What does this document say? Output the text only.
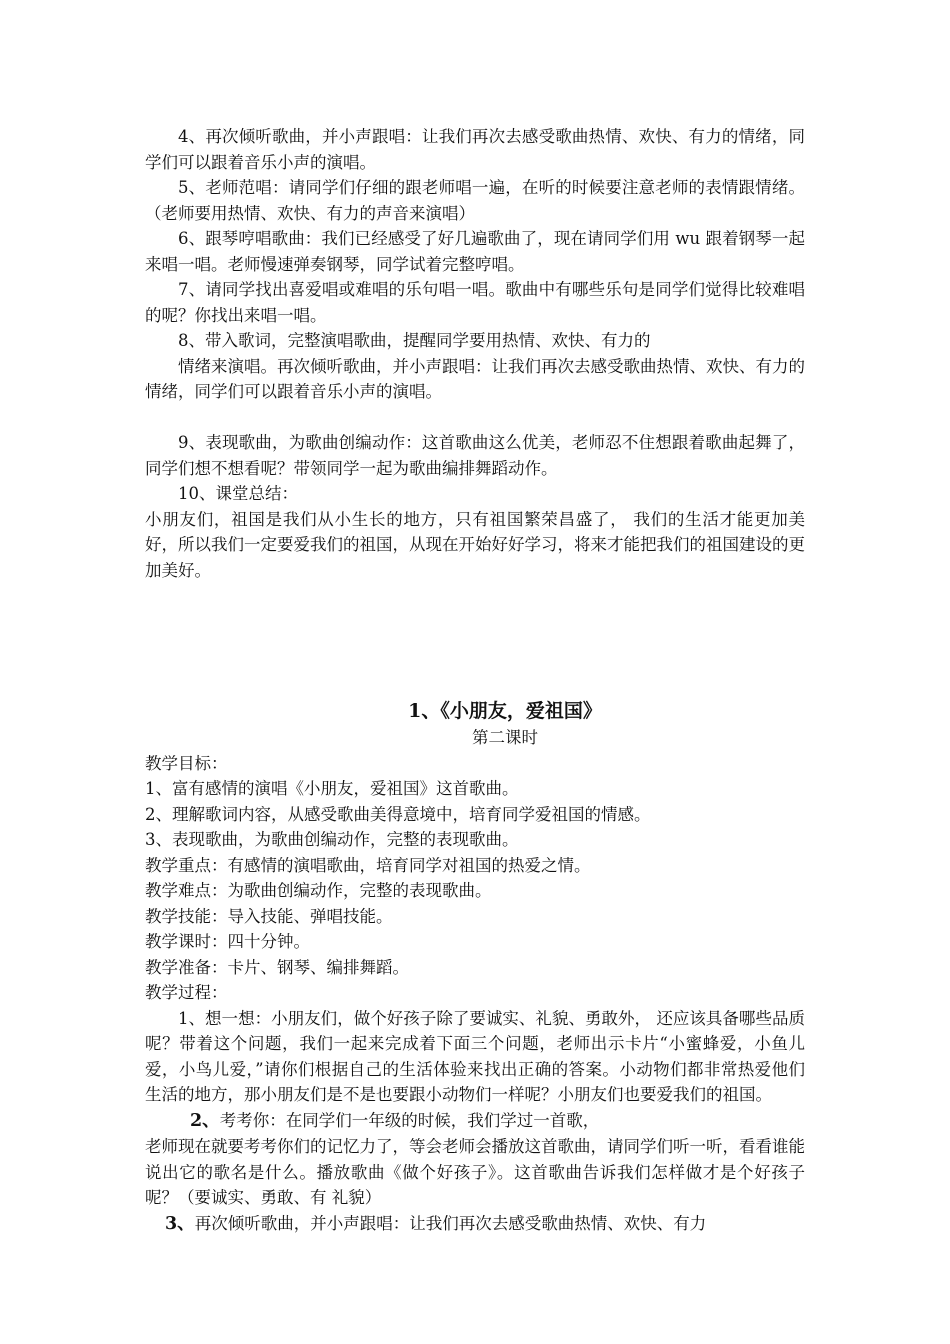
4、再次倾听歌曲，并小声跟唱：让我们再次去感受歌曲热情、欢快、有力的情绪，同学们可以跟着音乐小声的演唱。

5、老师范唱：请同学们仔细的跟老师唱一遍，在听的时候要注意老师的表情跟情绪。（老师要用热情、欢快、有力的声音来演唱）

6、跟琴哼唱歌曲：我们已经感受了好几遍歌曲了，现在请同学们用 wu 跟着钢琴一起来唱一唱。老师慢速弹奏钢琴，同学试着完整哼唱。

7、请同学找出喜爱唱或难唱的乐句唱一唱。歌曲中有哪些乐句是同学们觉得比较难唱的呢？你找出来唱一唱。

8、带入歌词，完整演唱歌曲，提醒同学要用热情、欢快、有力的

情绪来演唱。再次倾听歌曲，并小声跟唱：让我们再次去感受歌曲热情、欢快、有力的情绪，同学们可以跟着音乐小声的演唱。

9、表现歌曲，为歌曲创编动作：这首歌曲这么优美，老师忍不住想跟着歌曲起舞了，同学们想不想看呢？带领同学一起为歌曲编排舞蹈动作。

10、课堂总结：

小朋友们，祖国是我们从小生长的地方，只有祖国繁荣昌盛了， 我们的生活才能更加美好，所以我们一定要爱我们的祖国，从现在开始好好学习，将来才能把我们的祖国建设的更加美好。

1、《小朋友，爱祖国》

第二课时

教学目标：

1、富有感情的演唱《小朋友，爱祖国》这首歌曲。

2、理解歌词内容，从感受歌曲美得意境中，培育同学爱祖国的情感。

3、表现歌曲，为歌曲创编动作，完整的表现歌曲。

教学重点：有感情的演唱歌曲，培育同学对祖国的热爱之情。

教学难点：为歌曲创编动作，完整的表现歌曲。

教学技能：导入技能、弹唱技能。

教学课时：四十分钟。

教学准备：卡片、钢琴、编排舞蹈。

教学过程：

1、想一想：小朋友们，做个好孩子除了要诚实、礼貌、勇敢外， 还应该具备哪些品质呢？带着这个问题，我们一起来完成着下面三个问题，老师出示卡片“小蜜蜂爱，小鱼儿爱，小鸟儿爱，”请你们根据自己的生活体验来找出正确的答案。小动物们都非常热爱他们生活的地方，那小朋友们是不是也要跟小动物们一样呢？小朋友们也要爱我们的祖国。

2、考考你：在同学们一年级的时候，我们学过一首歌，

老师现在就要考考你们的记忆力了，等会老师会播放这首歌曲，请同学们听一听，看看谁能说出它的歌名是什么。播放歌曲《做个好孩子》。这首歌曲告诉我们怎样做才是个好孩子呢？（要诚实、勇敢、有 礼貌）

3、再次倾听歌曲，并小声跟唱：让我们再次去感受歌曲热情、欢快、有力
